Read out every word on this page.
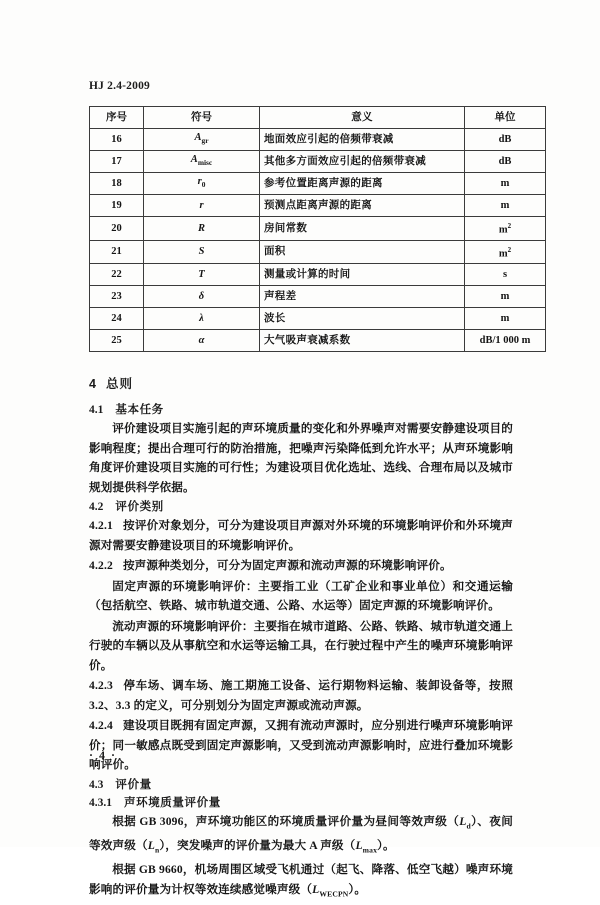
HJ 2.4-2009
序号	符号	意义	单位
16	$A_{gr}$	地面效应引起的倍频带衰减	dB
17	$A_{misc}$	其他多方面效应引起的倍频带衰减	dB
18	$r_0$	参考位置距离声源的距离	m
19	r	预测点距离声源的距离	m
20	R	房间常数	$m^2$
21	S	面积	$m^2$
22	T	测量或计算的时间	s
23	δ	声程差	m
24	λ	波长	m
25	α	大气吸声衰减系数	dB/1 000 m
4 总则
4.1 基本任务

评价建设项目实施引起的声环境质量的变化和外界噪声对需要安静建设项目的影响程度；提出合理可行的防治措施，把噪声污染降低到允许水平；从声环境影响角度评价建设项目实施的可行性；为建设项目优化选址、选线、合理布局以及城市规划提供科学依据。

4.2 评价类别

4.2.1 按评价对象划分，可分为建设项目声源对外环境的环境影响评价和外环境声源对需要安静建设项目的环境影响评价。

4.2.2 按声源种类划分，可分为固定声源和流动声源的环境影响评价。

固定声源的环境影响评价：主要指工业（工矿企业和事业单位）和交通运输（包括航空、铁路、城市轨道交通、公路、水运等）固定声源的环境影响评价。

流动声源的环境影响评价：主要指在城市道路、公路、铁路、城市轨道交通上行驶的车辆以及从事航空和水运等运输工具，在行驶过程中产生的噪声环境影响评价。

4.2.3 停车场、调车场、施工期施工设备、运行期物料运输、装卸设备等，按照 3.2、3.3 的定义，可分别划分为固定声源或流动声源。

4.2.4 建设项目既拥有固定声源，又拥有流动声源时，应分别进行噪声环境影响评价；同一敏感点既受到固定声源影响，又受到流动声源影响时，应进行叠加环境影响评价。

4.3 评价量
4.3.1 声环境质量评价量

根据 GB 3096，声环境功能区的环境质量评价量为昼间等效声级$(L_d)$、夜间等效声级$(L_n)$，突发噪声的评价量为最大 A 声级$(L_{max})$。

根据 GB 9660，机场周围区域受飞机通过（起飞、降落、低空飞越）噪声环境影响的评价量为计权等效连续感觉噪声级$(L_{WECPN})$。

· 4 ·
